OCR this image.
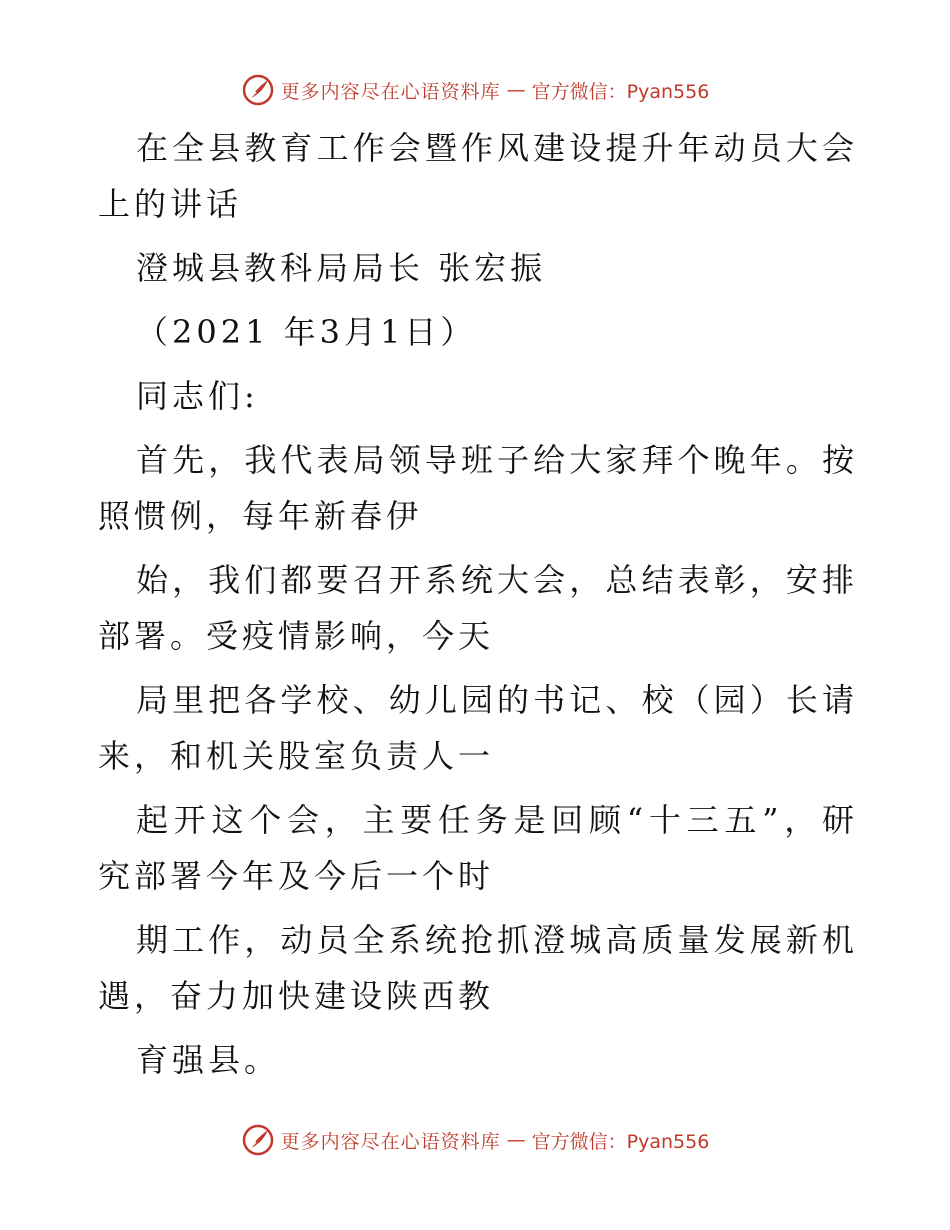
更多内容尽在心语资料库 — 官方微信：Pyan556

在全县教育工作会暨作风建设提升年动员大会上的讲话

澄城县教科局局长 张宏振

（2021 年3月1日）

同志们:

首先，我代表局领导班子给大家拜个晚年。按照惯例，每年新春伊

始，我们都要召开系统大会，总结表彰，安排部署。受疫情影响，今天

局里把各学校、幼儿园的书记、校（园）长请来，和机关股室负责人一

起开这个会，主要任务是回顾“十三五”，研究部署今年及今后一个时

期工作，动员全系统抢抓澄城高质量发展新机遇，奋力加快建设陕西教

育强县。

更多内容尽在心语资料库 — 官方微信：Pyan556
